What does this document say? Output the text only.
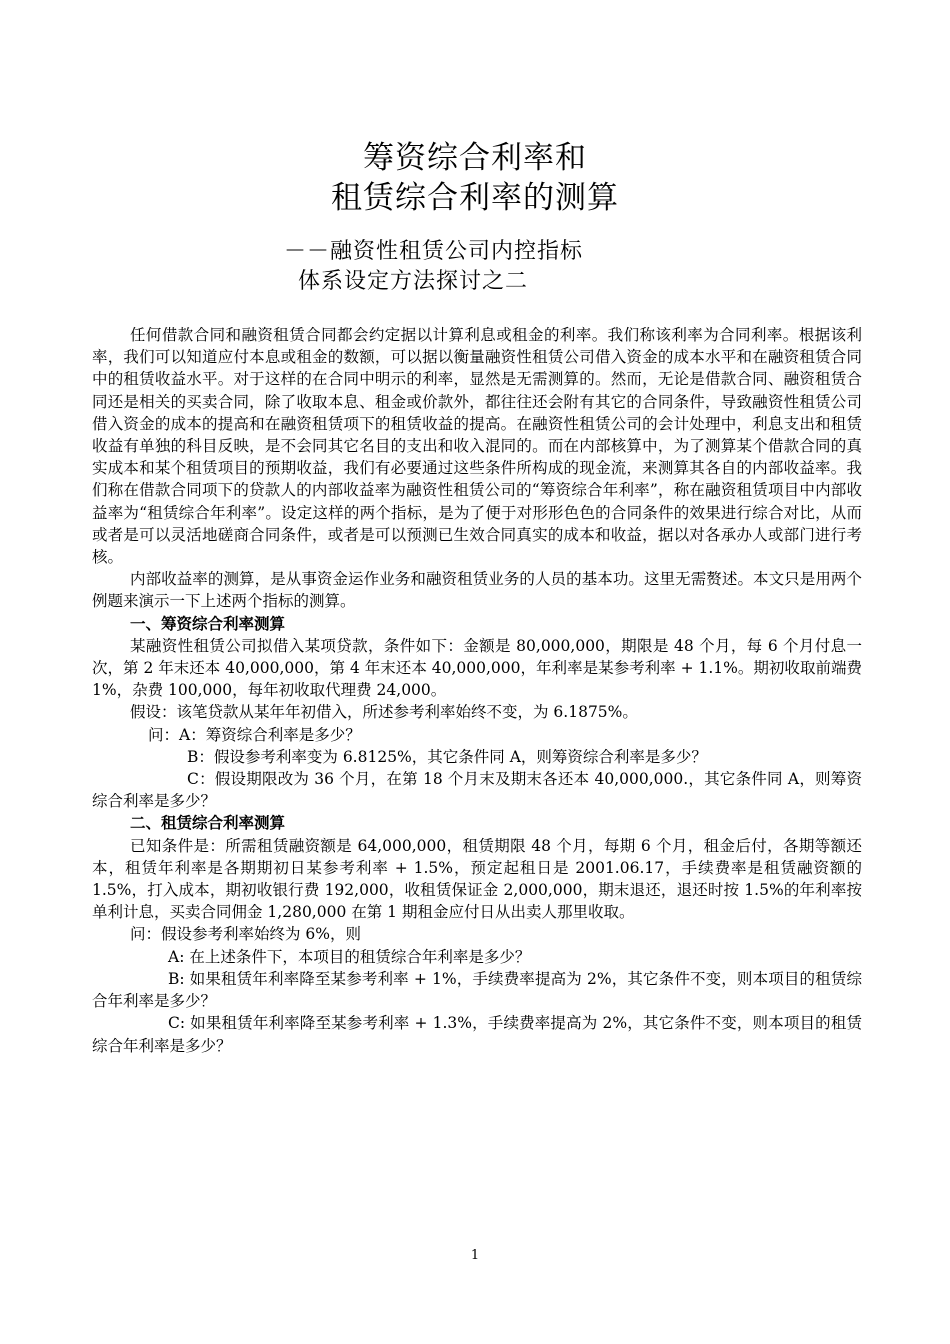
筹资综合利率和
租赁综合利率的测算
－－融资性租赁公司内控指标
体系设定方法探讨之二

任何借款合同和融资租赁合同都会约定据以计算利息或租金的利率。我们称该利率为合同利率。根据该利率，我们可以知道应付本息或租金的数额，可以据以衡量融资性租赁公司借入资金的成本水平和在融资租赁合同中的租赁收益水平。对于这样的在合同中明示的利率，显然是无需测算的。然而，无论是借款合同、融资租赁合同还是相关的买卖合同，除了收取本息、租金或价款外，都往往还会附有其它的合同条件，导致融资性租赁公司借入资金的成本的提高和在融资租赁项下的租赁收益的提高。在融资性租赁公司的会计处理中，利息支出和租赁收益有单独的科目反映，是不会同其它名目的支出和收入混同的。而在内部核算中，为了测算某个借款合同的真实成本和某个租赁项目的预期收益，我们有必要通过这些条件所构成的现金流，来测算其各自的内部收益率。我们称在借款合同项下的贷款人的内部收益率为融资性租赁公司的“筹资综合年利率”，称在融资租赁项目中内部收益率为“租赁综合年利率”。设定这样的两个指标，是为了便于对形形色色的合同条件的效果进行综合对比，从而或者是可以灵活地磋商合同条件，或者是可以预测已生效合同真实的成本和收益，据以对各承办人或部门进行考核。

内部收益率的测算，是从事资金运作业务和融资租赁业务的人员的基本功。这里无需赘述。本文只是用两个例题来演示一下上述两个指标的测算。

一、筹资综合利率测算

某融资性租赁公司拟借入某项贷款，条件如下：金额是 80,000,000，期限是 48 个月，每 6 个月付息一次，第 2 年末还本 40,000,000，第 4 年末还本 40,000,000，年利率是某参考利率 + 1.1%。期初收取前端费 1%，杂费 100,000，每年初收取代理费 24,000。

假设：该笔贷款从某年年初借入，所述参考利率始终不变，为 6.1875%。

问：A：筹资综合利率是多少？

B：假设参考利率变为 6.8125%，其它条件同 A，则筹资综合利率是多少？

C：假设期限改为 36 个月，在第 18 个月末及期末各还本 40,000,000.，其它条件同 A，则筹资综合利率是多少？

二、租赁综合利率测算

已知条件是：所需租赁融资额是 64,000,000，租赁期限 48 个月，每期 6 个月，租金后付，各期等额还本，租赁年利率是各期期初日某参考利率 + 1.5%，预定起租日是 2001.06.17，手续费率是租赁融资额的 1.5%，打入成本，期初收银行费 192,000，收租赁保证金 2,000,000，期末退还，退还时按 1.5%的年利率按单利计息，买卖合同佣金 1,280,000 在第 1 期租金应付日从出卖人那里收取。

问：假设参考利率始终为 6%，则

A: 在上述条件下，本项目的租赁综合年利率是多少？

B: 如果租赁年利率降至某参考利率 + 1%，手续费率提高为 2%，其它条件不变，则本项目的租赁综合年利率是多少？

C: 如果租赁年利率降至某参考利率 + 1.3%，手续费率提高为 2%，其它条件不变，则本项目的租赁综合年利率是多少？

1
